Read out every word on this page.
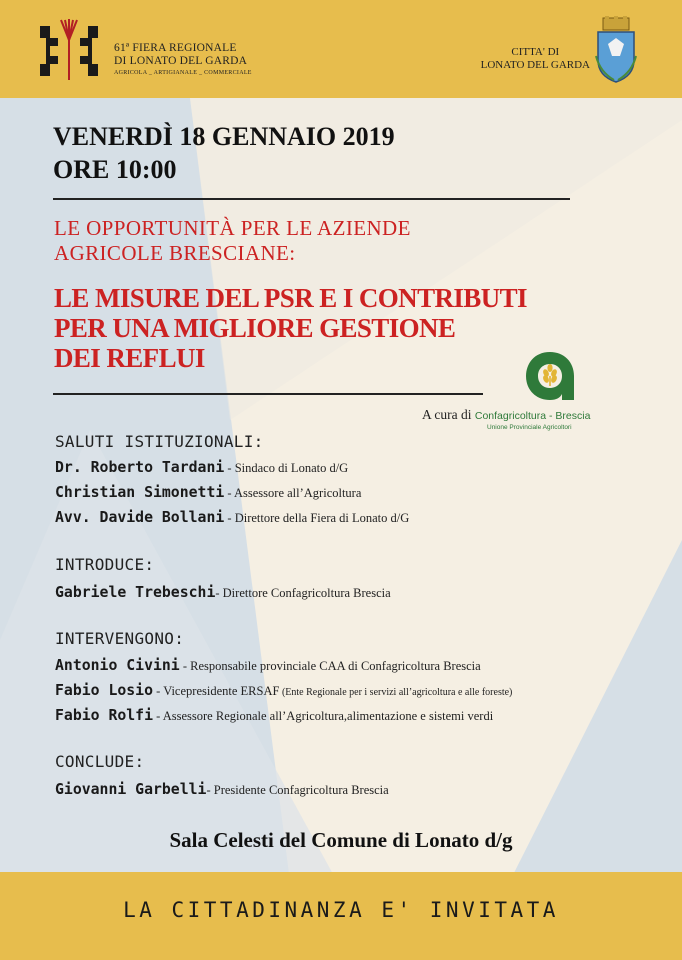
61ª FIERA REGIONALE
DI LONATO DEL GARDA
AGRICOLA _ ARTIGIANALE _ COMMERCIALE
CITTA' DI
LONATO DEL GARDA
VENERDÌ 18 GENNAIO 2019
ORE 10:00
LE OPPORTUNITÀ PER LE AZIENDE
AGRICOLE BRESCIANE:
LE MISURE DEL PSR E I CONTRIBUTI
PER UNA MIGLIORE GESTIONE
DEI REFLUI
A cura di Confagricoltura - Brescia
Unione Provinciale Agricoltori
SALUTI ISTITUZIONALI:
Dr. Roberto Tardani - Sindaco di Lonato d/G
Christian Simonetti - Assessore all’Agricoltura
Avv. Davide Bollani - Direttore della Fiera di Lonato d/G
INTRODUCE:
Gabriele Trebeschi- Direttore Confagricoltura Brescia
INTERVENGONO:
Antonio Civini - Responsabile provinciale CAA di Confagricoltura Brescia
Fabio Losio - Vicepresidente ERSAF (Ente Regionale per i servizi all’agricoltura e alle foreste)
Fabio Rolfi - Assessore Regionale all’Agricoltura,alimentazione e sistemi verdi
CONCLUDE:
Giovanni Garbelli- Presidente Confagricoltura Brescia
Sala Celesti del Comune di Lonato d/g
LA CITTADINANZA E' INVITATA
